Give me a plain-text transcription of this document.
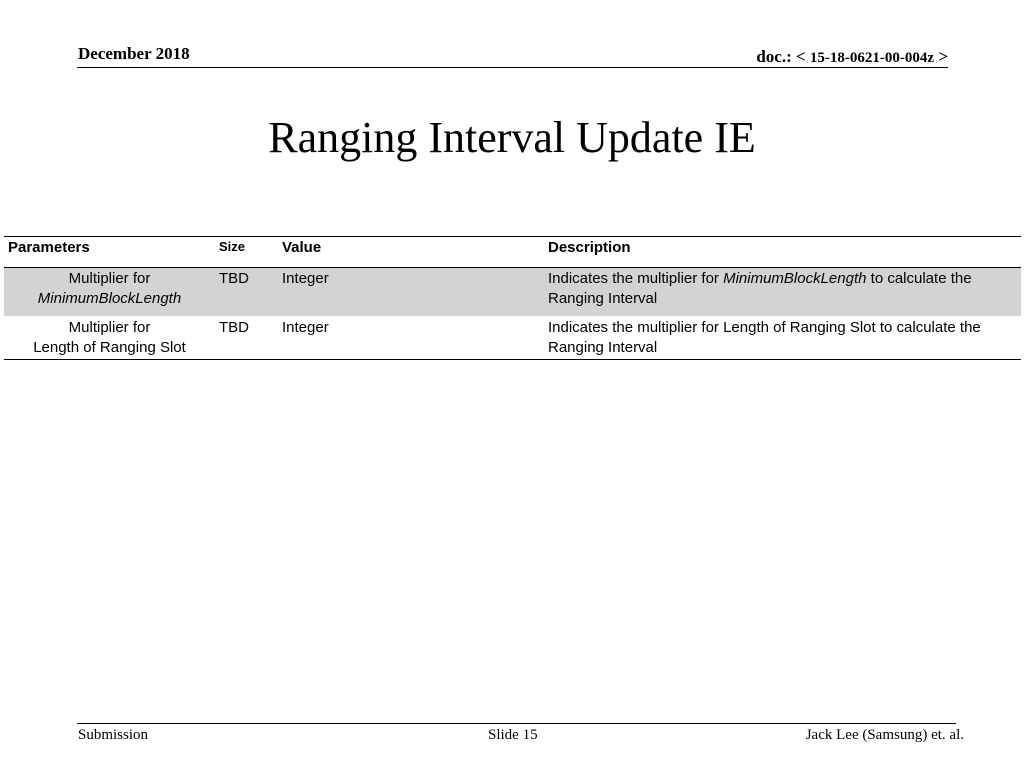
December 2018	doc.: < 15-18-0621-00-004z >
Ranging Interval Update IE
Parameters	Size	Value	Description

Multiplier for
MinimumBlockLength	TBD	Integer	Indicates the multiplier for MinimumBlockLength to calculate the Ranging Interval

Multiplier for
Length of Ranging Slot	TBD	Integer	Indicates the multiplier for Length of Ranging Slot to calculate the Ranging Interval
Submission	Slide 15	Jack Lee (Samsung) et. al.
